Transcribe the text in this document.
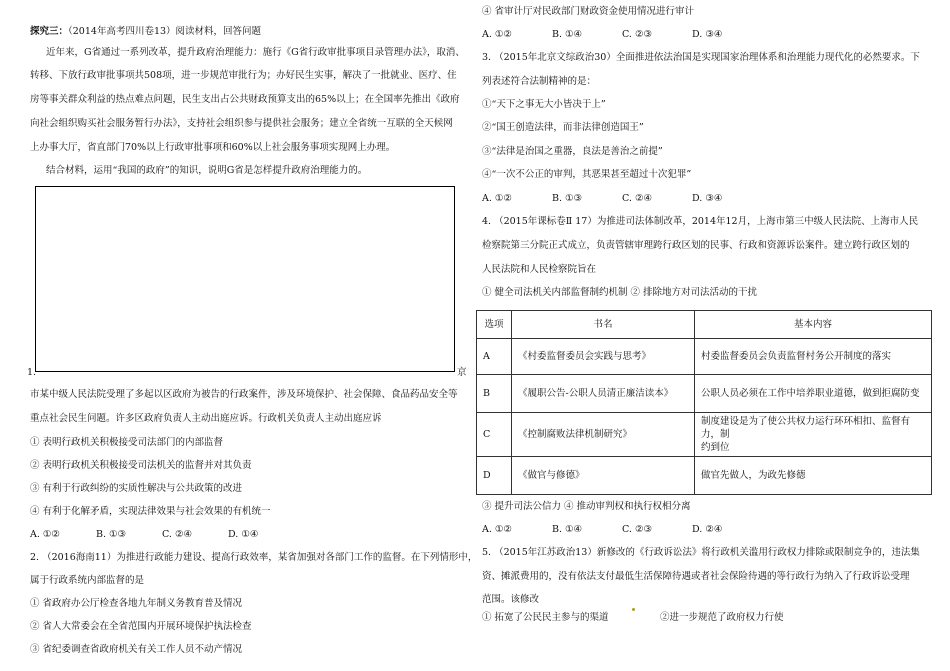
探究三：（2014年高考四川卷13）阅读材料，回答问题
近年来，G省通过一系列改革，提升政府治理能力：施行《G省行政审批事项目录管理办法》，取消、
转移、下放行政审批事项共508项，进一步规范审批行为；办好民生实事，解决了一批就业、医疗、住
房等事关群众利益的热点难点问题，民生支出占公共财政预算支出的65%以上；在全国率先推出《政府
向社会组织购买社会服务暂行办法》，支持社会组织参与提供社会服务；建立全省统一互联的全天候网
上办事大厅，省直部门70%以上行政审批事项和60%以上社会服务事项实现网上办理。
结合材料，运用“我国的政府”的知识，说明G省是怎样提升政府治理能力的。
1.	京
市某中级人民法院受理了多起以区政府为被告的行政案件，涉及环境保护、社会保障、食品药品安全等
重点社会民生问题。许多区政府负责人主动出庭应诉。行政机关负责人主动出庭应诉
① 表明行政机关积极接受司法部门的内部监督
② 表明行政机关积极接受司法机关的监督并对其负责
③ 有利于行政纠纷的实质性解决与公共政策的改进
④ 有利于化解矛盾，实现法律效果与社会效果的有机统一
A. ①②	B. ①③	C. ②④	D. ①④
2. （2016海南11）为推进行政能力建设、提高行政效率，某省加强对各部门工作的监督。在下列情形中，
属于行政系统内部监督的是
① 省政府办公厅检查各地九年制义务教育普及情况
② 省人大常委会在全省范围内开展环境保护执法检查
③ 省纪委调查省政府机关有关工作人员不动产情况
④ 省审计厅对民政部门财政资金使用情况进行审计
A. ①②	B. ①④	C. ②③	D. ③④
3. （2015年北京文综政治30）全面推进依法治国是实现国家治理体系和治理能力现代化的必然要求。下
列表述符合法制精神的是：
①“天下之事无大小皆决于上”
②“国王创造法律，而非法律创造国王”
③“法律是治国之重器，良法是善治之前提”
④“一次不公正的审判，其恶果甚至超过十次犯罪”
A. ①②	B. ①③	C. ②④	D. ③④
4. （2015年课标卷Ⅱ 17）为推进司法体制改革，2014年12月，上海市第三中级人民法院、上海市人民
检察院第三分院正式成立，负责管辖审理跨行政区划的民事、行政和资源诉讼案件。建立跨行政区划的
人民法院和人民检察院旨在
① 健全司法机关内部监督制约机制 ② 排除地方对司法活动的干扰
选项	书名	基本内容
A	《村委监督委员会实践与思考》	村委监督委员会负责监督村务公开制度的落实
B	《履职公告-公职人员清正廉洁读本》	公职人员必须在工作中培养职业道德，做到拒腐防变
C	《控制腐败法律机制研究》	制度建设是为了使公共权力运行环环相扣、监督有力，制
约到位

D	《做官与修德》	做官先做人，为政先修德
③ 提升司法公信力 ④ 推动审判权和执行权相分离
A. ①②	B. ①④	C. ②③	D. ②④
5. （2015年江苏政治13）新修改的《行政诉讼法》将行政机关滥用行政权力排除或限制竞争的，违法集
资、摊派费用的，没有依法支付最低生活保障待遇或者社会保险待遇的等行政行为纳入了行政诉讼受理
范围。该修改
① 拓宽了公民民主参与的渠道	②进一步规范了政府权力行使
